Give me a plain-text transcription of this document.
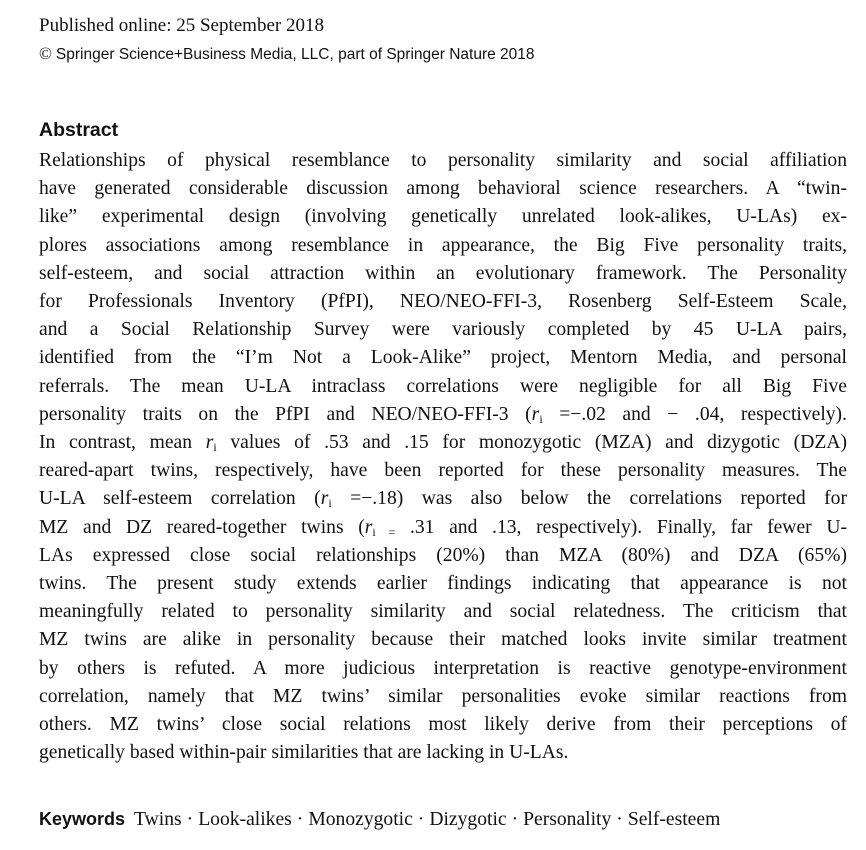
Published online: 25 September 2018
© Springer Science+Business Media, LLC, part of Springer Nature 2018
Abstract
Relationships of physical resemblance to personality similarity and social affiliation
have generated considerable discussion among behavioral science researchers. A “twin-
like” experimental design (involving genetically unrelated look-alikes, U-LAs) ex-
plores associations among resemblance in appearance, the Big Five personality traits,
self-esteem, and social attraction within an evolutionary framework. The Personality
for Professionals Inventory (PfPI), NEO/NEO-FFI-3, Rosenberg Self-Esteem Scale,
and a Social Relationship Survey were variously completed by 45 U-LA pairs,
identified from the “I’m Not a Look-Alike” project, Mentorn Media, and personal
referrals. The mean U-LA intraclass correlations were negligible for all Big Five
personality traits on the PfPI and NEO/NEO-FFI-3 ($r_i =-.02$ and − .04, respectively).
In contrast, mean $r_i$ values of .53 and .15 for monozygotic (MZA) and dizygotic (DZA)
reared-apart twins, respectively, have been reported for these personality measures. The
U-LA self-esteem correlation $(r_i =-.18)$ was also below the correlations reported for
MZ and DZ reared-together twins ($r_{i =}$ .31 and .13, respectively). Finally, far fewer U-
LAs expressed close social relationships (20%) than MZA (80%) and DZA (65%)
twins. The present study extends earlier findings indicating that appearance is not
meaningfully related to personality similarity and social relatedness. The criticism that
MZ twins are alike in personality because their matched looks invite similar treatment
by others is refuted. A more judicious interpretation is reactive genotype-environment
correlation, namely that MZ twins’ similar personalities evoke similar reactions from
others. MZ twins’ close social relations most likely derive from their perceptions of
genetically based within-pair similarities that are lacking in U-LAs.
Keywords Twins · Look-alikes · Monozygotic · Dizygotic · Personality · Self-esteem
